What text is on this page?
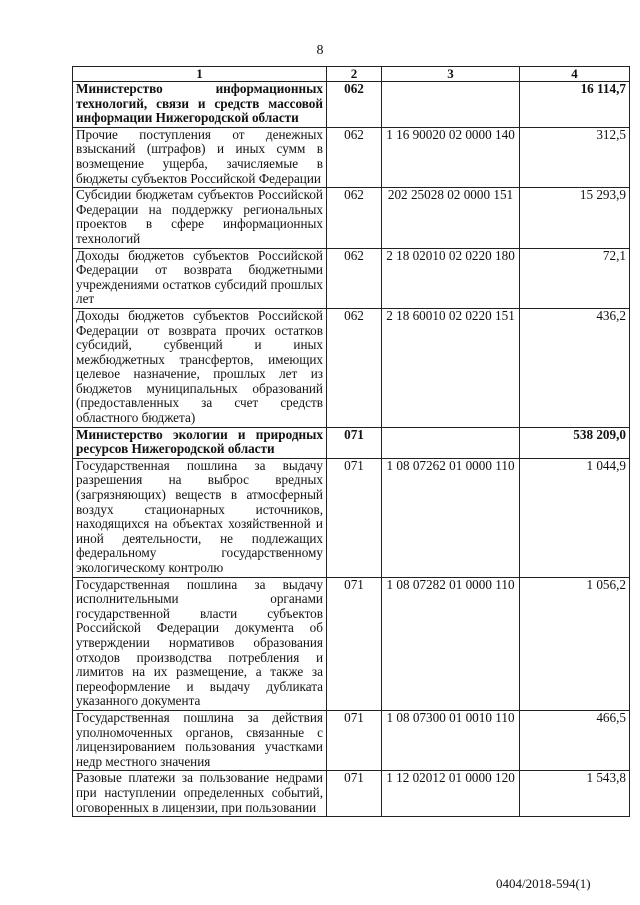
8
1	2	3	4
Министерство информационных технологий, связи и средств массовой информации Нижегородской области	062		16 114,7
Прочие поступления от денежных взысканий (штрафов) и иных сумм в возмещение ущерба, зачисляемые в бюджеты субъектов Российской Федерации	062	1 16 90020 02 0000 140	312,5
Субсидии бюджетам субъектов Российской Федерации на поддержку региональных проектов в сфере информационных технологий	062	202 25028 02 0000 151	15 293,9
Доходы бюджетов субъектов Российской Федерации от возврата бюджетными учреждениями остатков субсидий прошлых лет	062	2 18 02010 02 0220 180	72,1
Доходы бюджетов субъектов Российской Федерации от возврата прочих остатков субсидий, субвенций и иных межбюджетных трансфертов, имеющих целевое назначение, прошлых лет из бюджетов муниципальных образований (предоставленных за счет средств областного бюджета)	062	2 18 60010 02 0220 151	436,2
Министерство экологии и природных ресурсов Нижегородской области	071		538 209,0
Государственная пошлина за выдачу разрешения на выброс вредных (загрязняющих) веществ в атмосферный воздух стационарных источников, находящихся на объектах хозяйственной и иной деятельности, не подлежащих федеральному государственному экологическому контролю	071	1 08 07262 01 0000 110	1 044,9
Государственная пошлина за выдачу исполнительными органами государственной власти субъектов Российской Федерации документа об утверждении нормативов образования отходов производства потребления и лимитов на их размещение, а также за переоформление и выдачу дубликата указанного документа	071	1 08 07282 01 0000 110	1 056,2
Государственная пошлина за действия уполномоченных органов, связанные с лицензированием пользования участками недр местного значения	071	1 08 07300 01 0010 110	466,5
Разовые платежи за пользование недрами при наступлении определенных событий, оговоренных в лицензии, при пользовании	071	1 12 02012 01 0000 120	1 543,8
0404/2018-594(1)
